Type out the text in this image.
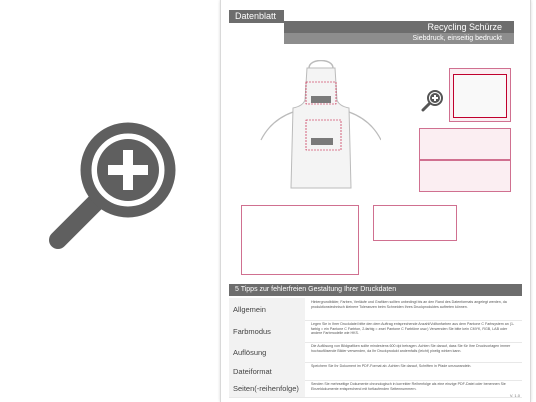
Datenblatt
Recycling Schürze
Siebdruck, einseitig bedruckt
5 Tipps zur fehlerfreien Gestaltung Ihrer Druckdaten
Allgemein
Hintergrundbilder, Farben, Verläufe und Grafiken sollten unbedingt bis an den Rand des Datenformats angelegt werden, da produktionstechnisch kleinere Toleranzen beim Schneiden Ihres Druckproduktes auftreten können.
Farbmodus
Legen Sie in Ihrer Druckdatei bitte den dem Auftrag entsprechende Anzahl/Volltonfarben aus dem Pantone C Farbsystem an (1-farbig = ein Pantone C Farbton, 2-farbig = zwei Pantone C Farbtöne usw.) Verwenden Sie bitte kein CMYK, RGB, LAB oder andere Farbmodelle wie HKS.
Auflösung
Die Auflösung von Bildgrafiken sollte mindestens 600 dpi betragen. Achten Sie darauf, dass Sie für Ihre Druckvorlagen immer hochauflösende Bilder verwenden, da Ihr Druckprodukt andernfalls (leicht) pixelig wirken kann.
Dateiformat
Speichern Sie Ihr Dokument im PDF-Format ab. Achten Sie darauf, Schriften in Pfade umzuwandeln.
Seiten(-reihenfolge)	Senden Sie mehrseitige Dokumente chronologisch in korrekter Reihenfolge als eine einzige PDF-Datei oder benennen Sie Einzeldokumente entsprechend mit fortlaufenden Seitennummern.
V. 1.0
